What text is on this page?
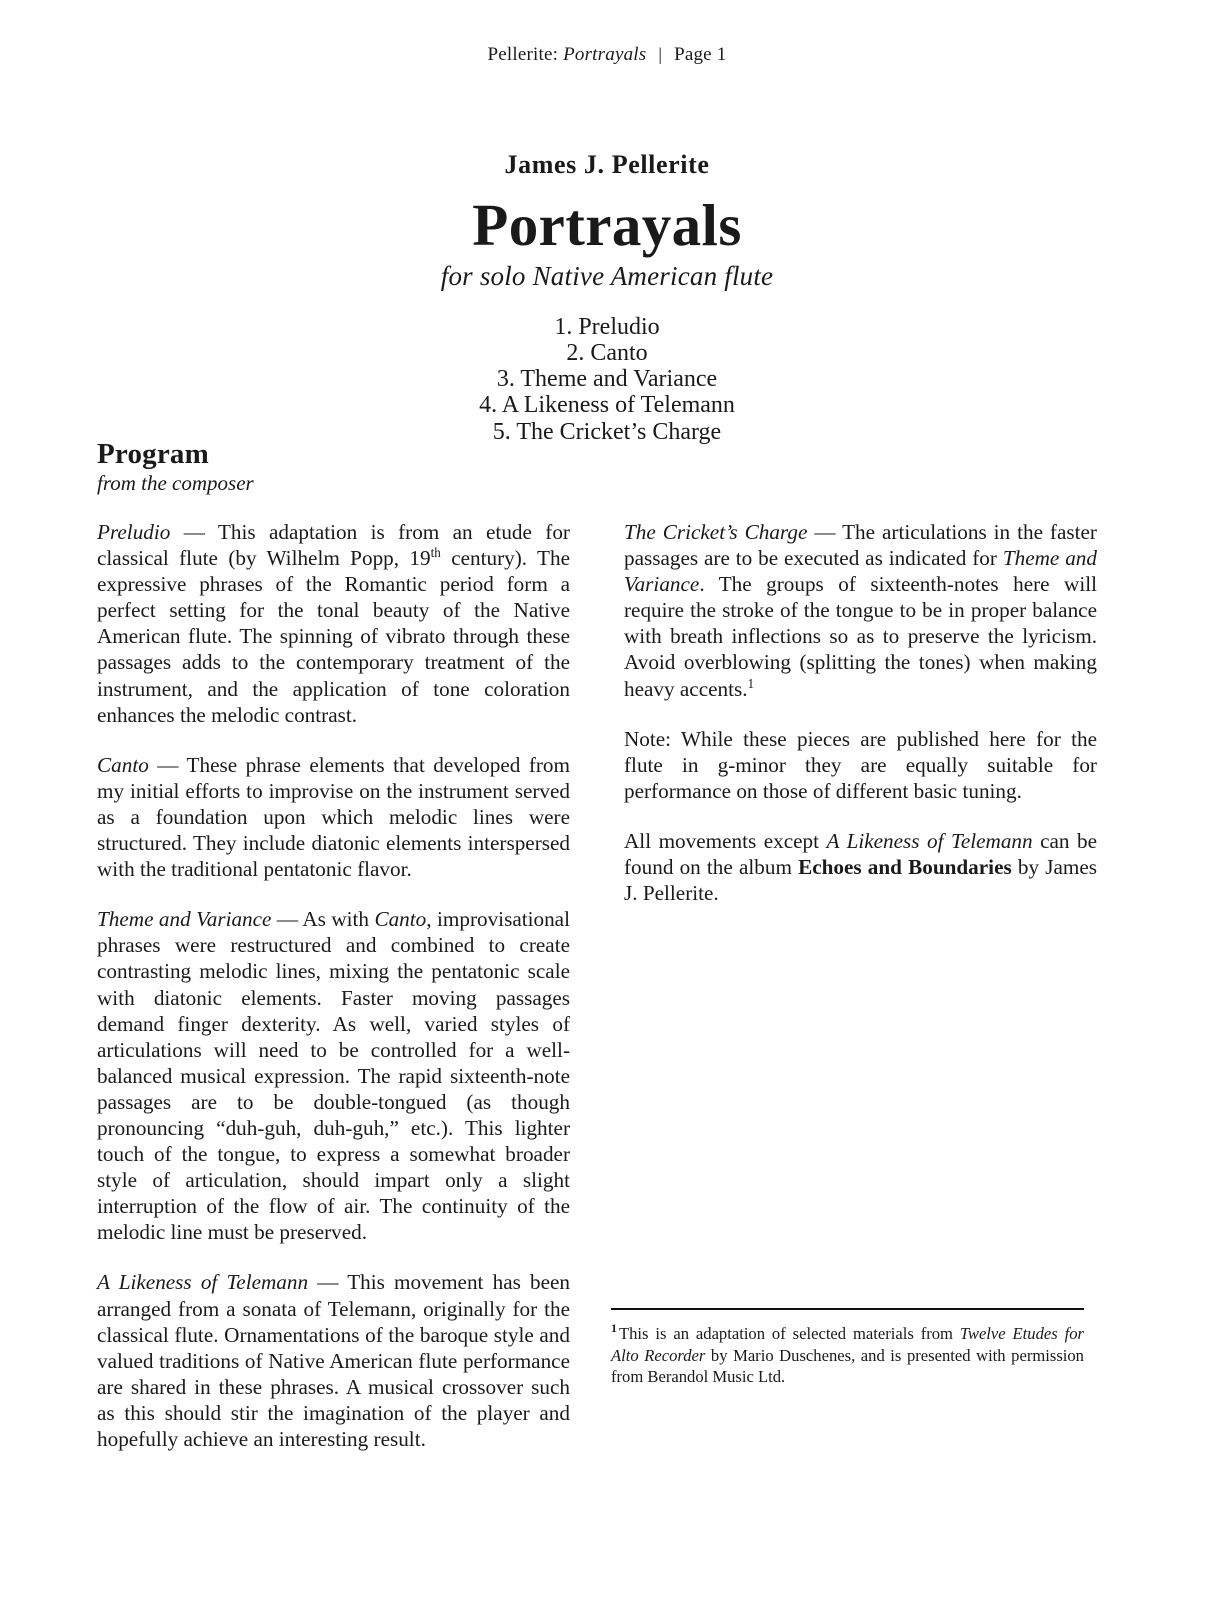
Pellerite: Portrayals | Page 1

James J. Pellerite

Portrayals

for solo Native American flute

1. Preludio

2. Canto

3. Theme and Variance

4. A Likeness of Telemann

5. The Cricket’s Charge

Program

from the composer

Preludio — This adaptation is from an etude for classical flute (by Wilhelm Popp, 19th century). The expressive phrases of the Romantic period form a perfect setting for the tonal beauty of the Native American flute. The spinning of vibrato through these passages adds to the contemporary treatment of the instrument, and the application of tone coloration enhances the melodic contrast.

Canto — These phrase elements that developed from my initial efforts to improvise on the instrument served as a foundation upon which melodic lines were structured. They include diatonic elements interspersed with the traditional pentatonic flavor.

Theme and Variance — As with Canto, improvisational phrases were restructured and combined to create contrasting melodic lines, mixing the pentatonic scale with diatonic elements. Faster moving passages demand finger dexterity. As well, varied styles of articulations will need to be controlled for a well-balanced musical expression. The rapid sixteenth-note passages are to be double-tongued (as though pronouncing “duh-guh, duh-guh,” etc.). This lighter touch of the tongue, to express a somewhat broader style of articulation, should impart only a slight interruption of the flow of air. The continuity of the melodic line must be preserved.

A Likeness of Telemann — This movement has been arranged from a sonata of Telemann, originally for the classical flute. Ornamentations of the baroque style and valued traditions of Native American flute performance are shared in these phrases. A musical crossover such as this should stir the imagination of the player and hopefully achieve an interesting result.

The Cricket’s Charge — The articulations in the faster passages are to be executed as indicated for Theme and Variance. The groups of sixteenth-notes here will require the stroke of the tongue to be in proper balance with breath inflections so as to preserve the lyricism. Avoid overblowing (splitting the tones) when making heavy accents.$^1$

Note: While these pieces are published here for the flute in g-minor they are equally suitable for performance on those of different basic tuning.

All movements except A Likeness of Telemann can be found on the album Echoes and Boundaries by James J. Pellerite.

$^1$ This is an adaptation of selected materials from Twelve Etudes for Alto Recorder by Mario Duschenes, and is presented with permission from Berandol Music Ltd.
